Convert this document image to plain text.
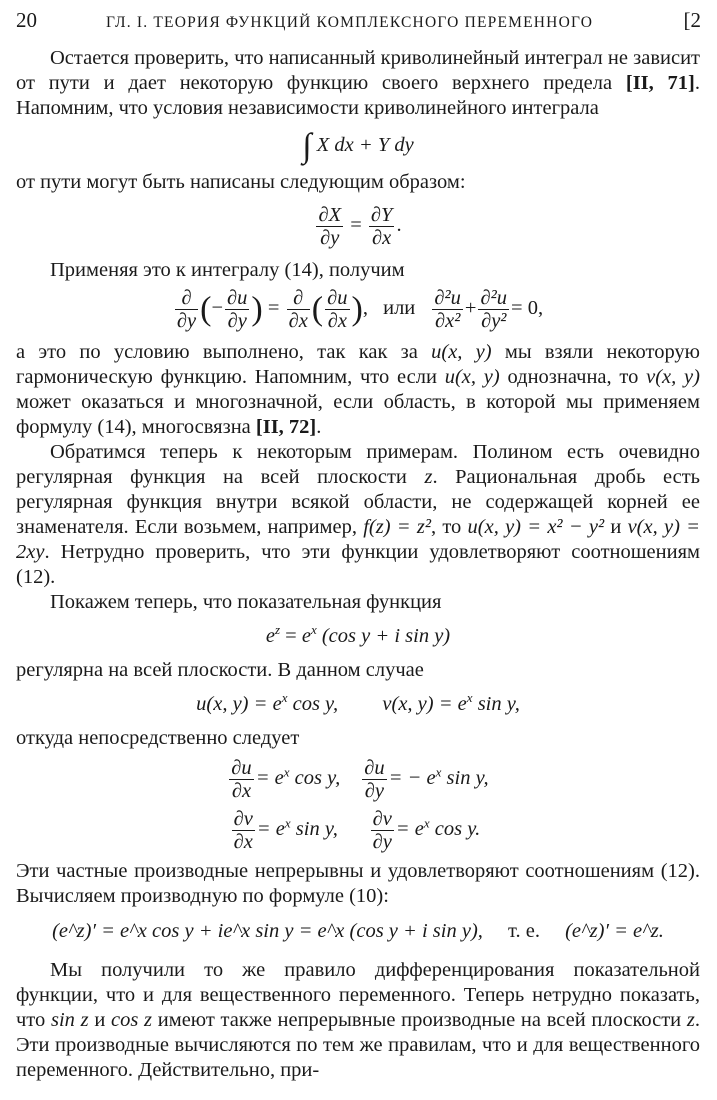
20	ГЛ. I. ТЕОРИЯ ФУНКЦИЙ КОМПЛЕКСНОГО ПЕРЕМЕННОГО	[2

Остается проверить, что написанный криволинейный интеграл не зависит от пути и дает некоторую функцию своего верхнего предела [II, 71]. Напомним, что условия независимости криволинейного интеграла

∫ X dx + Y dy

от пути могут быть написаны следующим образом:

$\frac{\partial X}{\partial y} = \frac{\partial Y}{\partial x}$ .

Применяя это к интегралу (14), получим

$\frac{\partial}{\partial y}$ (− $\frac{\partial u}{\partial y}$ ) = $\frac{\partial}{\partial x}$ ( $\frac{\partial u}{\partial x}$ ), или $\frac{\text{∂²u}}{\text{∂x²}} + \frac{\text{∂²u}}{\text{∂y²}} = 0$,

а это по условию выполнено, так как за u(x, y) мы взяли некоторую гармоническую функцию. Напомним, что если u(x, y) однозначна, то v(x, y) может оказаться и многозначной, если область, в которой мы применяем формулу (14), многосвязна [II, 72].

Обратимся теперь к некоторым примерам. Полином есть очевидно регулярная функция на всей плоскости z. Рациональная дробь есть регулярная функция внутри всякой области, не содержащей корней ее знаменателя. Если возьмем, например, f(z) = z², то u(x, y) = x² − y² и v(x, y) = 2xy. Нетрудно проверить, что эти функции удовлетворяют соотношениям (12).

Покажем теперь, что показательная функция

$e^z = e^x$ (cos y + i sin y)

регулярна на всей плоскости. В данном случае

u(x, $y) = e^x$ cos y, v(x, $y) = e^x$ sin y,

откуда непосредственно следует

$\frac{\partial u}{\partial x} = e^x$ cos y, $\frac{\partial u}{\partial y}$ = − $e^x$ sin y,
$\frac{\partial v}{\partial x} = e^x$ sin y, $\frac{\partial v}{\partial y} = e^x$ cos y.

Эти частные производные непрерывны и удовлетворяют соотношениям (12). Вычисляем производную по формуле (10):

(e^z)′ = e^x cos y + ie^x sin y = e^x (cos y + i sin y), т. е. (e^z)′ = e^z.

Мы получили то же правило дифференцирования показательной функции, что и для вещественного переменного. Теперь нетрудно показать, что sin z и cos z имеют также непрерывные производные на всей плоскости z. Эти производные вычисляются по тем же правилам, что и для вещественного переменного. Действительно, при-
